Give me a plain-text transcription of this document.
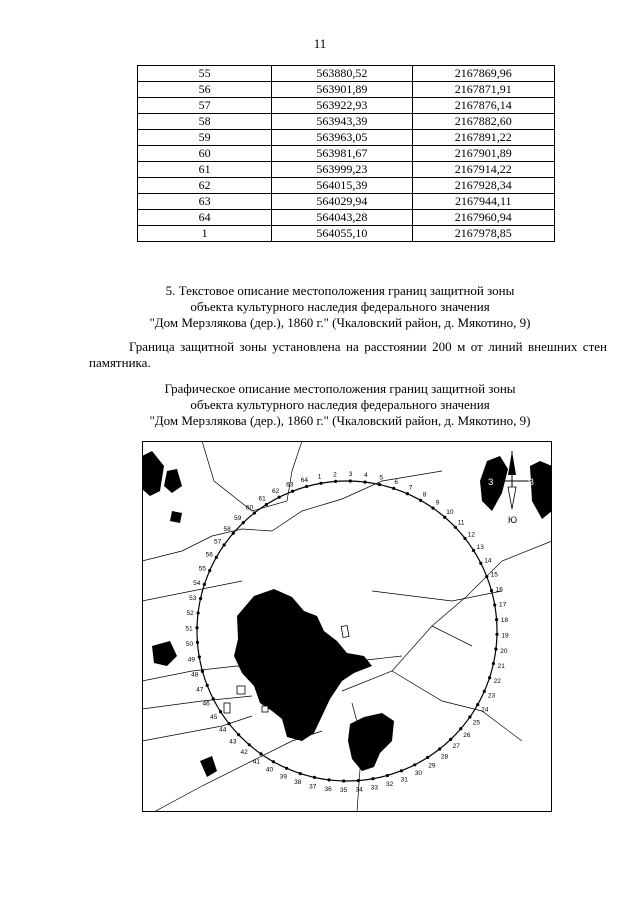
11
55	563880,52	2167869,96
56	563901,89	2167871,91
57	563922,93	2167876,14
58	563943,39	2167882,60
59	563963,05	2167891,22
60	563981,67	2167901,89
61	563999,23	2167914,22
62	564015,39	2167928,34
63	564029,94	2167944,11
64	564043,28	2167960,94
1	564055,10	2167978,85
5. Текстовое описание местоположения границ защитной зоны
объекта культурного наследия федерального значения
"Дом Мерзлякова (дер.), 1860 г." (Чкаловский район, д. Мякотино, 9)
Граница защитной зоны установлена на расстоянии 200 м от линий внешних стен памятника.
Графическое описание местоположения границ защитной зоны
объекта культурного наследия федерального значения
"Дом Мерзлякова (дер.), 1860 г." (Чкаловский район, д. Мякотино, 9)
1 2 3 4 5
6
7
8
9
10
11
12
13
14
15
16
17
18
19
20
21
22
23
24
25
26
27
28
29
30
31
32
33
34
35
36
37
38
39
40
41
42
43
44
45
46
47
48
49
50
51
52
53
54
55
56
57
58
59
60
61
62
63
64
Мякоти
З	В
Ю
